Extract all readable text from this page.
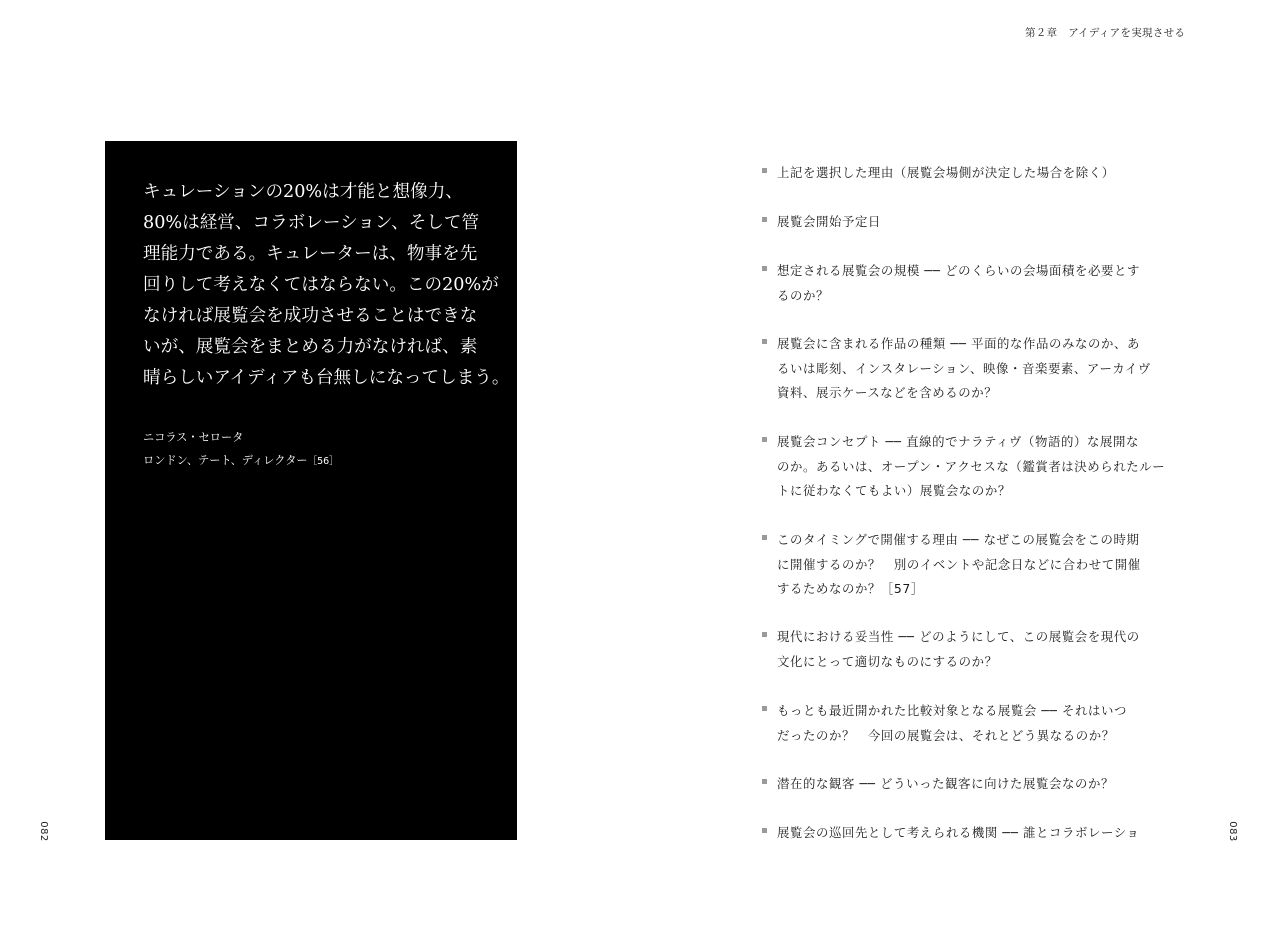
第２章　アイディアを実現させる

キュレーションの20%は才能と想像力、
80%は経営、コラボレーション、そして管
理能力である。キュレーターは、物事を先
回りして考えなくてはならない。この20%が
なければ展覧会を成功させることはできな
いが、展覧会をまとめる力がなければ、素
晴らしいアイディアも台無しになってしまう。

ニコラス・セロータ
ロンドン、テート、ディレクター［56］
082	083
上記を選択した理由（展覧会場側が決定した場合を除く）
展覧会開始予定日
想定される展覧会の規模 ── どのくらいの会場面積を必要とす
るのか？
展覧会に含まれる作品の種類 ── 平面的な作品のみなのか、あ
るいは彫刻、インスタレーション、映像・音楽要素、アーカイヴ
資料、展示ケースなどを含めるのか？
展覧会コンセプト ── 直線的でナラティヴ（物語的）な展開な
のか。あるいは、オープン・アクセスな（鑑賞者は決められたルー
トに従わなくてもよい）展覧会なのか？
このタイミングで開催する理由 ── なぜこの展覧会をこの時期
に開催するのか？　別のイベントや記念日などに合わせて開催
するためなのか？［57］
現代における妥当性 ── どのようにして、この展覧会を現代の
文化にとって適切なものにするのか？
もっとも最近開かれた比較対象となる展覧会 ── それはいつ
だったのか？　今回の展覧会は、それとどう異なるのか？
潜在的な観客 ── どういった観客に向けた展覧会なのか？
展覧会の巡回先として考えられる機関 ── 誰とコラボレーショ
